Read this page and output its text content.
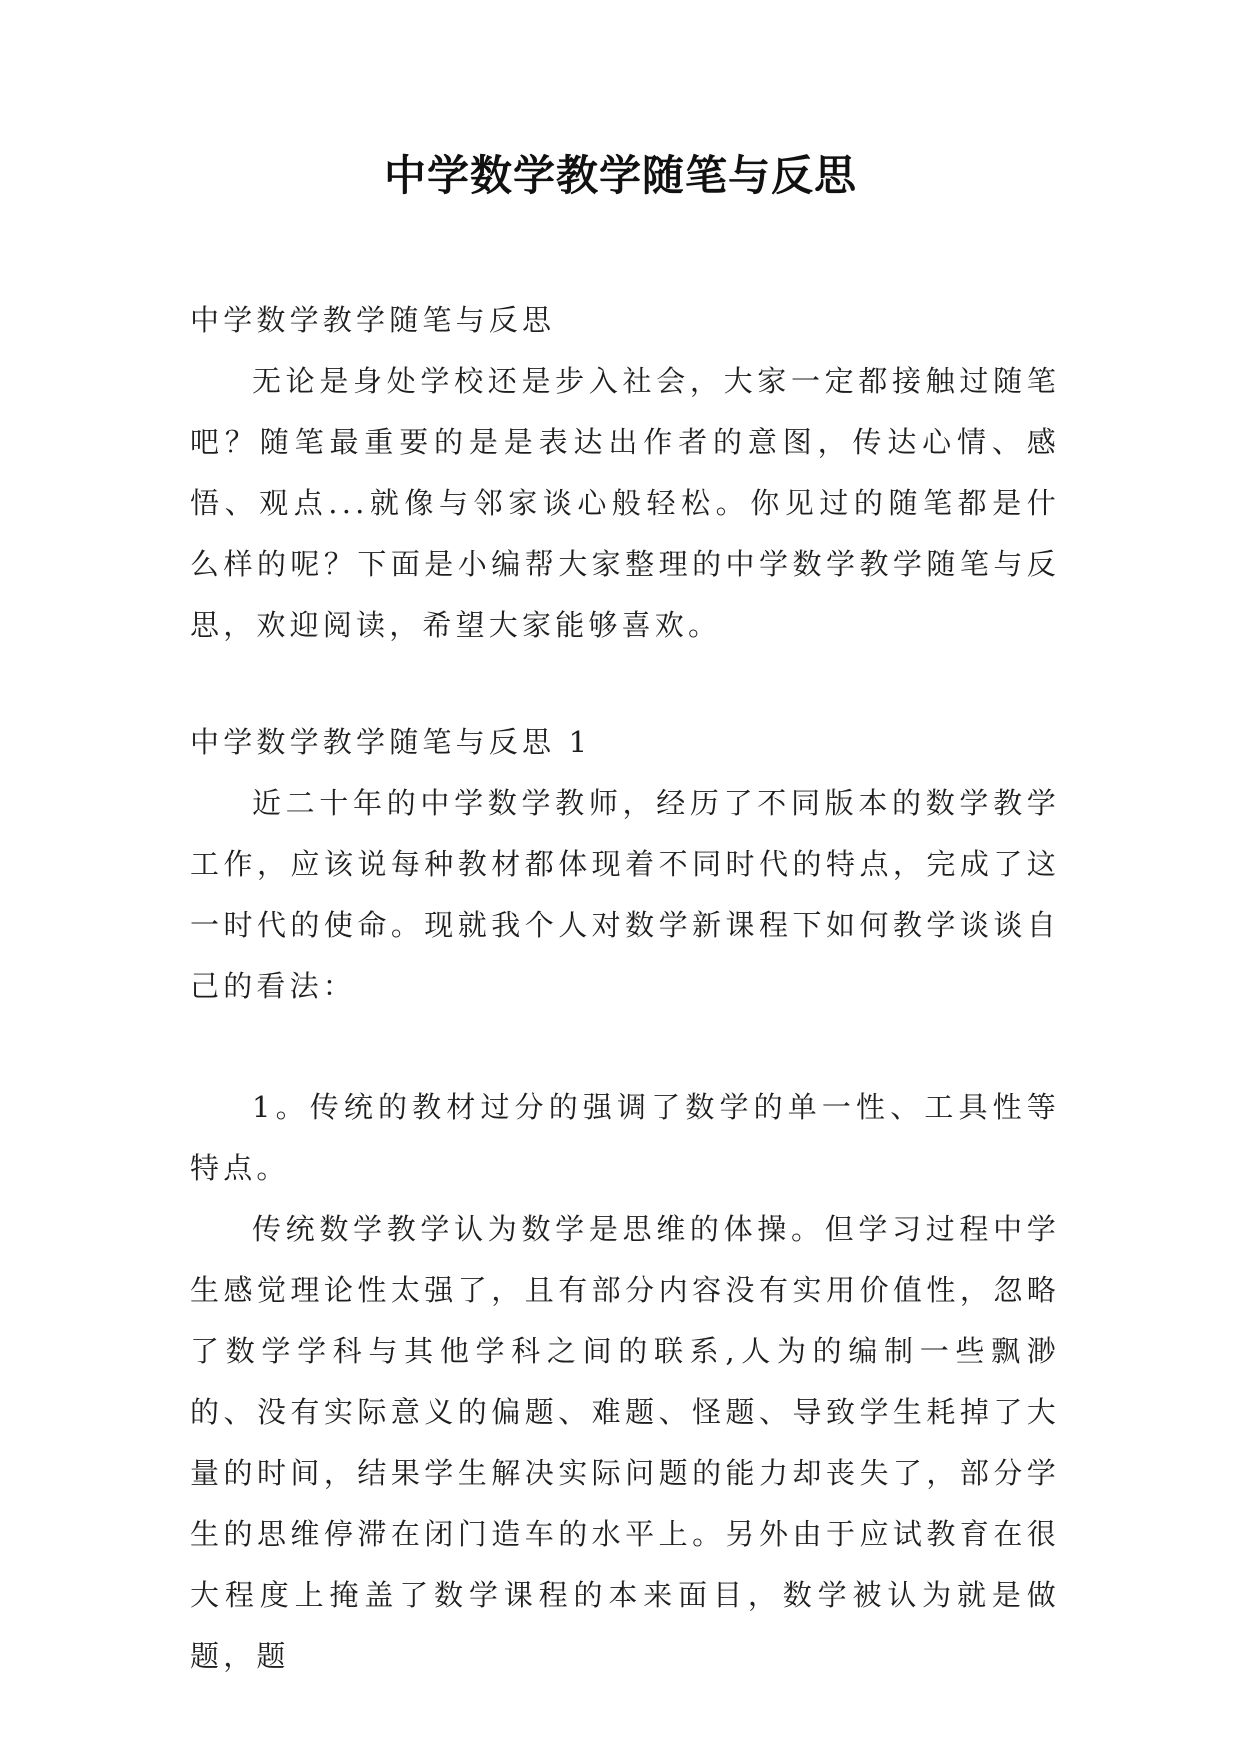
中学数学教学随笔与反思

中学数学教学随笔与反思

无论是身处学校还是步入社会，大家一定都接触过随笔吧？随笔最重要的是是表达出作者的意图，传达心情、感悟、观点...就像与邻家谈心般轻松。你见过的随笔都是什么样的呢？下面是小编帮大家整理的中学数学教学随笔与反思，欢迎阅读，希望大家能够喜欢。

中学数学教学随笔与反思 1

近二十年的中学数学教师，经历了不同版本的数学教学工作，应该说每种教材都体现着不同时代的特点，完成了这一时代的使命。现就我个人对数学新课程下如何教学谈谈自己的看法：

1。传统的教材过分的强调了数学的单一性、工具性等特点。

传统数学教学认为数学是思维的体操。但学习过程中学生感觉理论性太强了，且有部分内容没有实用价值性，忽略了数学学科与其他学科之间的联系,人为的编制一些飘渺的、没有实际意义的偏题、难题、怪题、导致学生耗掉了大量的时间，结果学生解决实际问题的能力却丧失了，部分学生的思维停滞在闭门造车的水平上。另外由于应试教育在很大程度上掩盖了数学课程的本来面目，数学被认为就是做题，题
